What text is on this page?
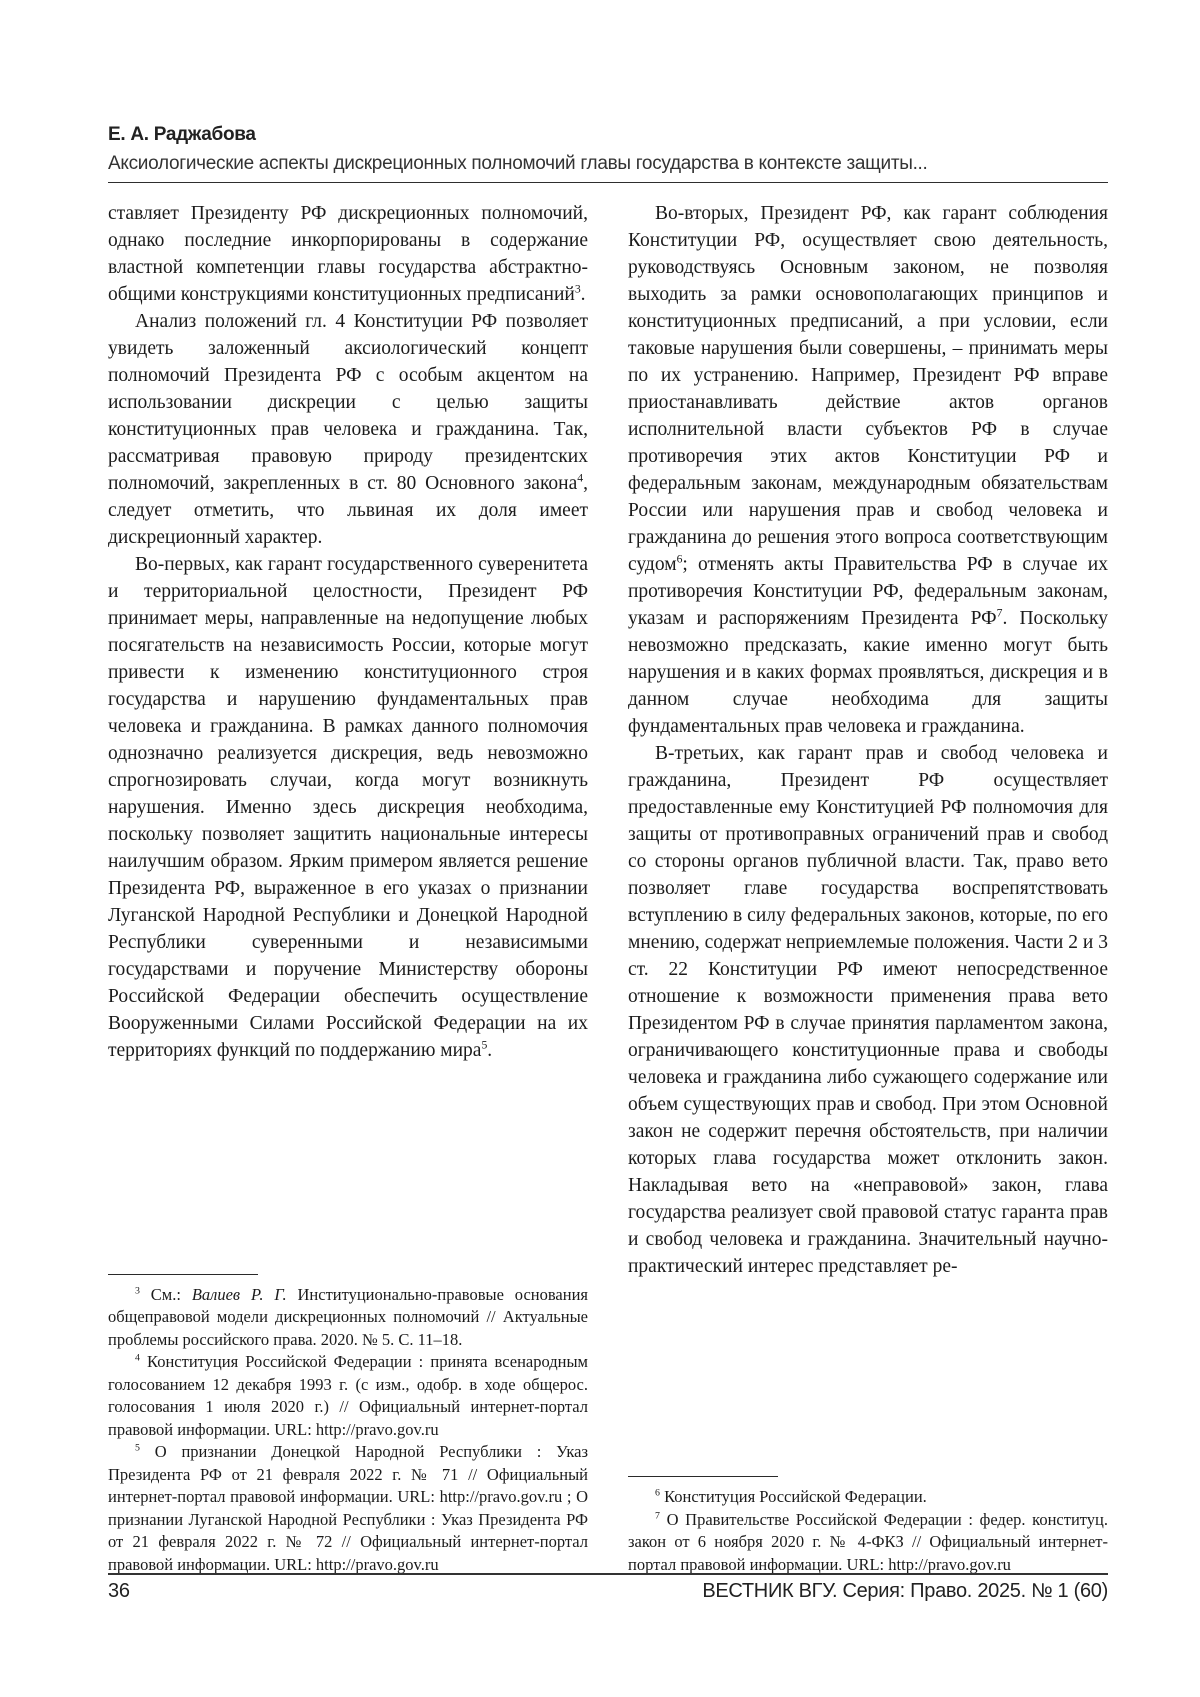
Е. А. Раджабова
Аксиологические аспекты дискреционных полномочий главы государства в контексте защиты...

ставляет Президенту РФ дискреционных полномочий, однако последние инкорпорированы в содержание властной компетенции главы государства абстрактно-общими конструкциями конституционных предписаний$^3$.

Анализ положений гл. 4 Конституции РФ позволяет увидеть заложенный аксиологический концепт полномочий Президента РФ с особым акцентом на использовании дискреции с целью защиты конституционных прав человека и гражданина. Так, рассматривая правовую природу президентских полномочий, закрепленных в ст. 80 Основного закона$^4$, следует отметить, что львиная их доля имеет дискреционный характер.

Во-первых, как гарант государственного суверенитета и территориальной целостности, Президент РФ принимает меры, направленные на недопущение любых посягательств на независимость России, которые могут привести к изменению конституционного строя государства и нарушению фундаментальных прав человека и гражданина. В рамках данного полномочия однозначно реализуется дискреция, ведь невозможно спрогнозировать случаи, когда могут возникнуть нарушения. Именно здесь дискреция необходима, поскольку позволяет защитить национальные интересы наилучшим образом. Ярким примером является решение Президента РФ, выраженное в его указах о признании Луганской Народной Республики и Донецкой Народной Республики суверенными и независимыми государствами и поручение Министерству обороны Российской Федерации обеспечить осуществление Вооруженными Силами Российской Федерации на их территориях функций по поддержанию мира$^5$.

$^3$ См.: Валиев Р. Г. Институционально-правовые основания общеправовой модели дискреционных полномочий // Актуальные проблемы российского права. 2020. № 5. С. 11–18.

$^4$ Конституция Российской Федерации : принята всенародным голосованием 12 декабря 1993 г. (с изм., одобр. в ходе общерос. голосования 1 июля 2020 г.) // Официальный интернет-портал правовой информации. URL: http://pravo.gov.ru

$^5$ О признании Донецкой Народной Республики : Указ Президента РФ от 21 февраля 2022 г. № 71 // Официальный интернет-портал правовой информации. URL: http://pravo.gov.ru ; О признании Луганской Народной Республики : Указ Президента РФ от 21 февраля 2022 г. № 72 // Официальный интернет-портал правовой информации. URL: http://pravo.gov.ru

Во-вторых, Президент РФ, как гарант соблюдения Конституции РФ, осуществляет свою деятельность, руководствуясь Основным законом, не позволяя выходить за рамки основополагающих принципов и конституционных предписаний, а при условии, если таковые нарушения были совершены, – принимать меры по их устранению. Например, Президент РФ вправе приостанавливать действие актов органов исполнительной власти субъектов РФ в случае противоречия этих актов Конституции РФ и федеральным законам, международным обязательствам России или нарушения прав и свобод человека и гражданина до решения этого вопроса соответствующим судом$^6$; отменять акты Правительства РФ в случае их противоречия Конституции РФ, федеральным законам, указам и распоряжениям Президента $РФ^7$. Поскольку невозможно предсказать, какие именно могут быть нарушения и в каких формах проявляться, дискреция и в данном случае необходима для защиты фундаментальных прав человека и гражданина.

В-третьих, как гарант прав и свобод человека и гражданина, Президент РФ осуществляет предоставленные ему Конституцией РФ полномочия для защиты от противоправных ограничений прав и свобод со стороны органов публичной власти. Так, право вето позволяет главе государства воспрепятствовать вступлению в силу федеральных законов, которые, по его мнению, содержат неприемлемые положения. Части 2 и 3 ст. 22 Конституции РФ имеют непосредственное отношение к возможности применения права вето Президентом РФ в случае принятия парламентом закона, ограничивающего конституционные права и свободы человека и гражданина либо сужающего содержание или объем существующих прав и свобод. При этом Основной закон не содержит перечня обстоятельств, при наличии которых глава государства может отклонить закон. Накладывая вето на «неправовой» закон, глава государства реализует свой правовой статус гаранта прав и свобод человека и гражданина. Значительный научно-практический интерес представляет ре-

$^6$ Конституция Российской Федерации.

$^7$ О Правительстве Российской Федерации : федер. конституц. закон от 6 ноября 2020 г. № 4-ФКЗ // Официальный интернет-портал правовой информации. URL: http://pravo.gov.ru

36	ВЕСТНИК ВГУ. Серия: Право. 2025. № 1 (60)
